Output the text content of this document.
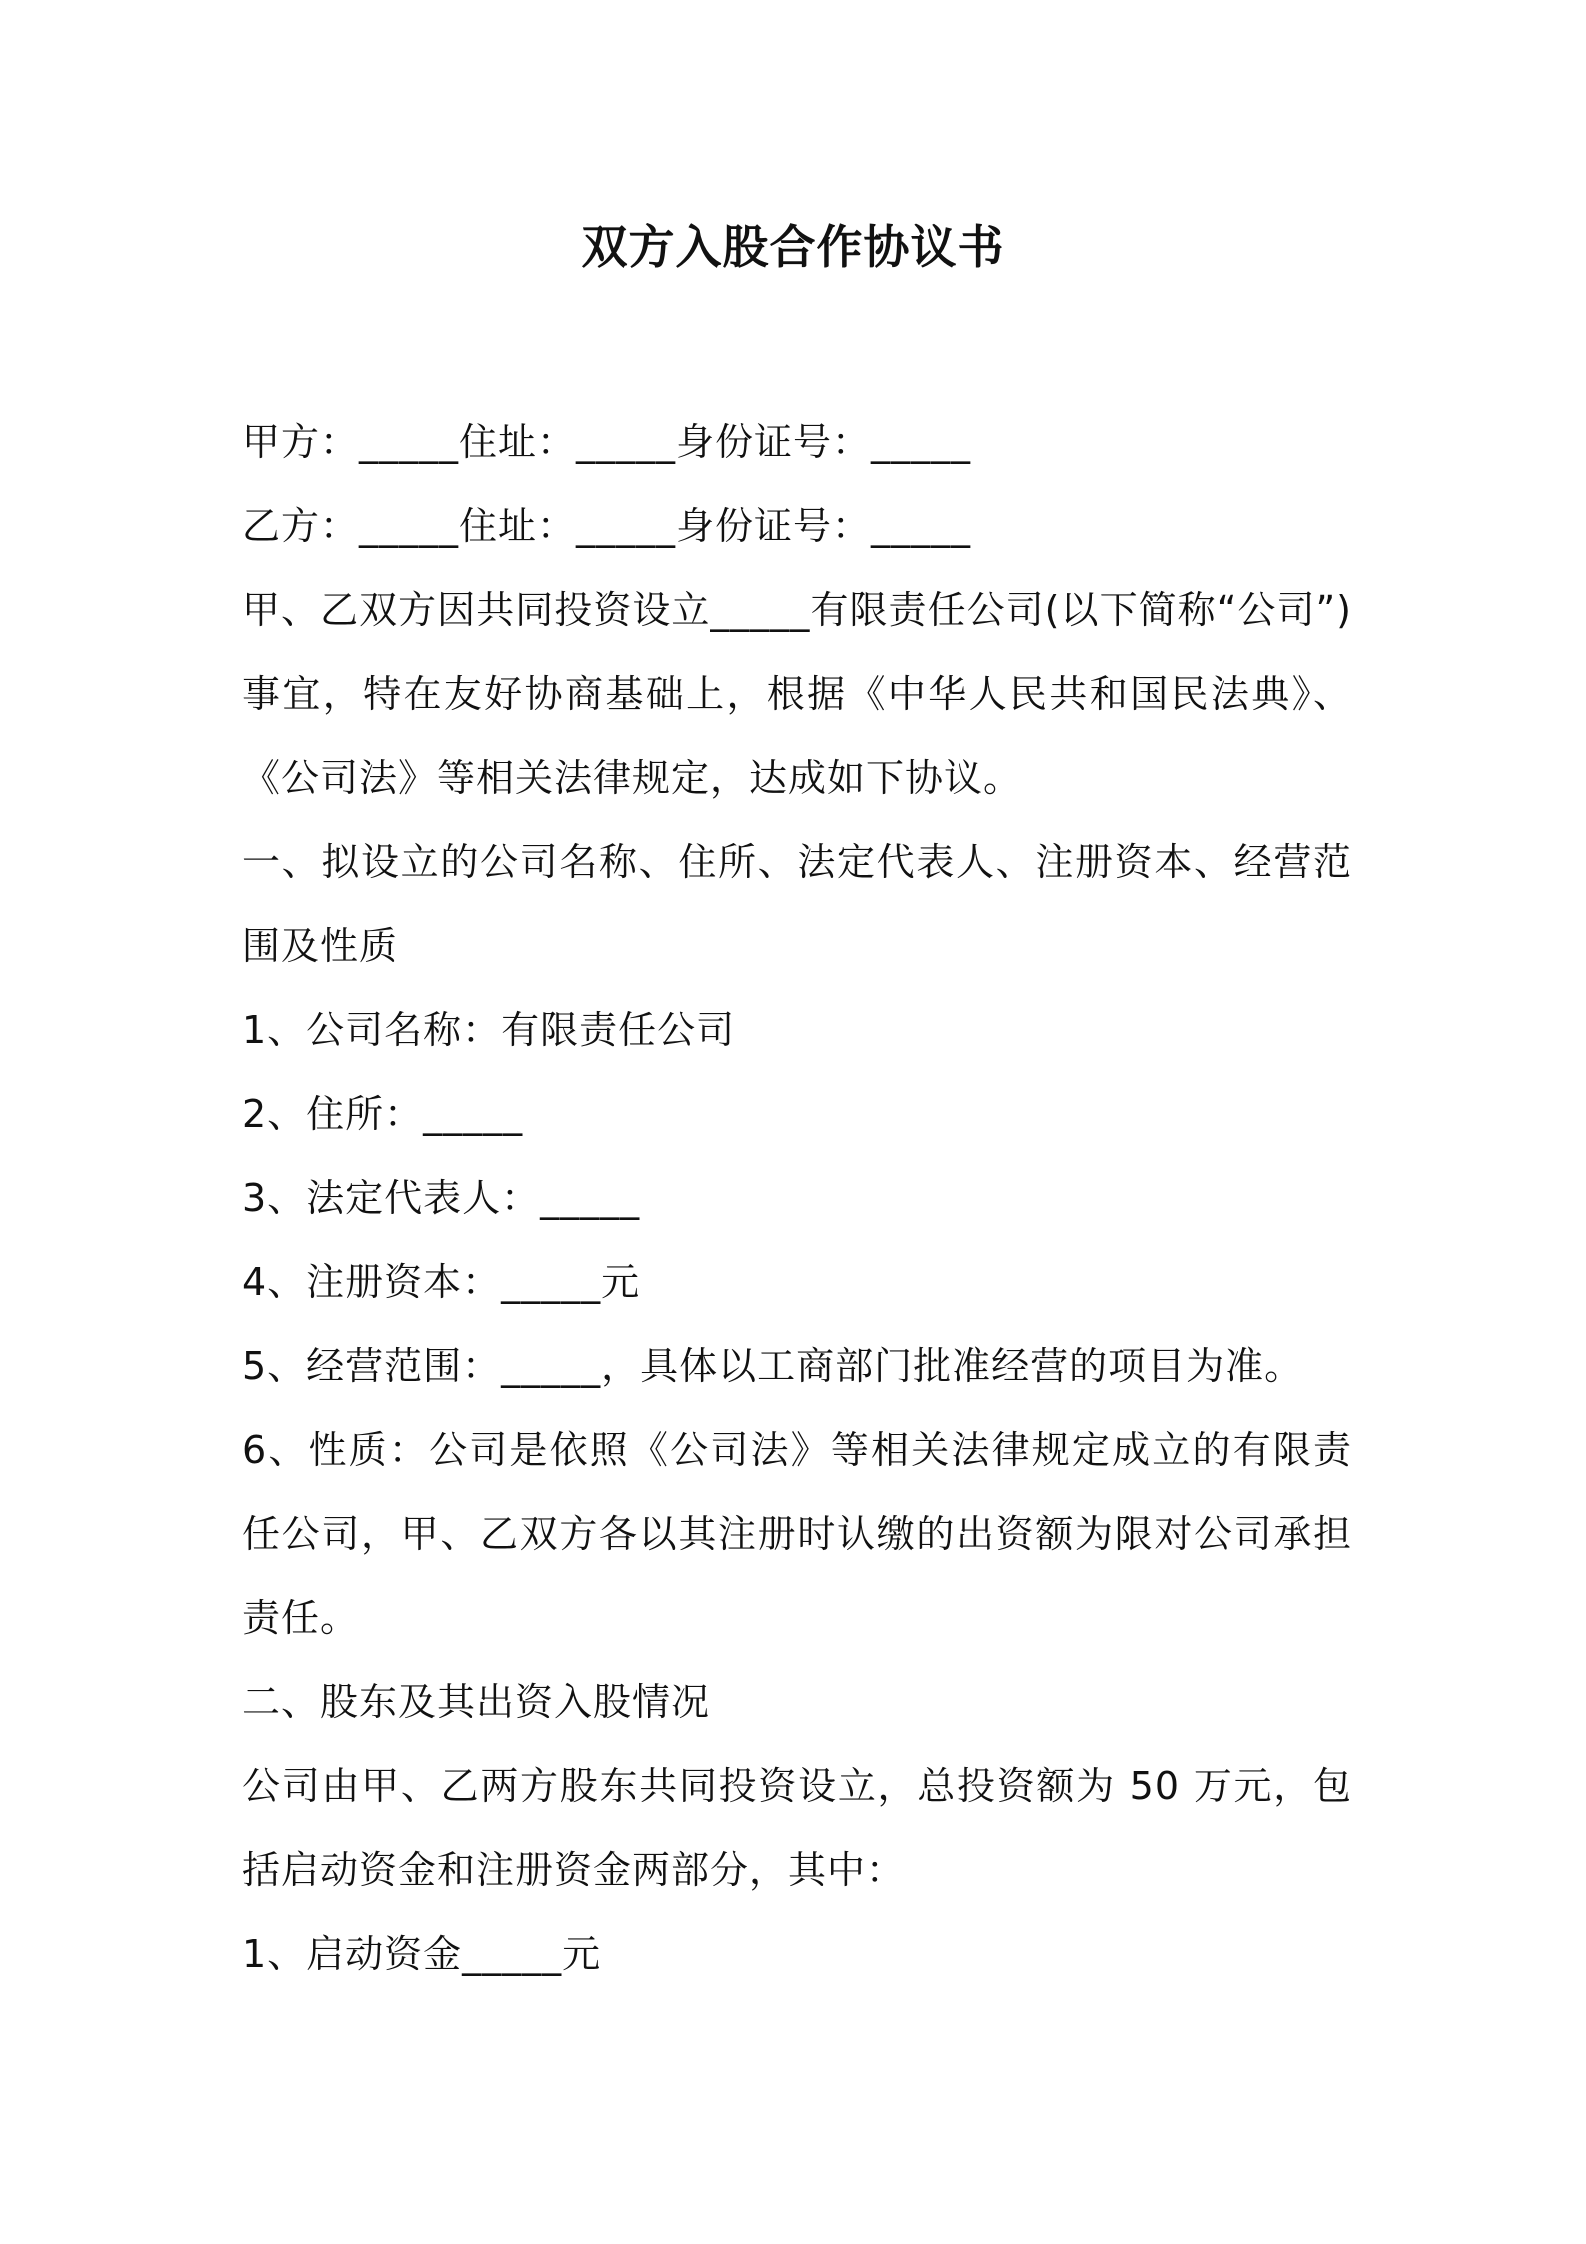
双方入股合作协议书

甲方：_____住址：_____身份证号：_____

乙方：_____住址：_____身份证号：_____

甲、乙双方因共同投资设立_____有限责任公司(以下简称“公司”)事宜，特在友好协商基础上，根据《中华人民共和国民法典》、《公司法》等相关法律规定，达成如下协议。

一、拟设立的公司名称、住所、法定代表人、注册资本、经营范围及性质

1、公司名称：有限责任公司

2、住所：_____

3、法定代表人：_____

4、注册资本：_____元

5、经营范围：_____，具体以工商部门批准经营的项目为准。

6、性质：公司是依照《公司法》等相关法律规定成立的有限责任公司，甲、乙双方各以其注册时认缴的出资额为限对公司承担责任。

二、股东及其出资入股情况

公司由甲、乙两方股东共同投资设立，总投资额为 50 万元，包括启动资金和注册资金两部分，其中：

1、启动资金_____元
